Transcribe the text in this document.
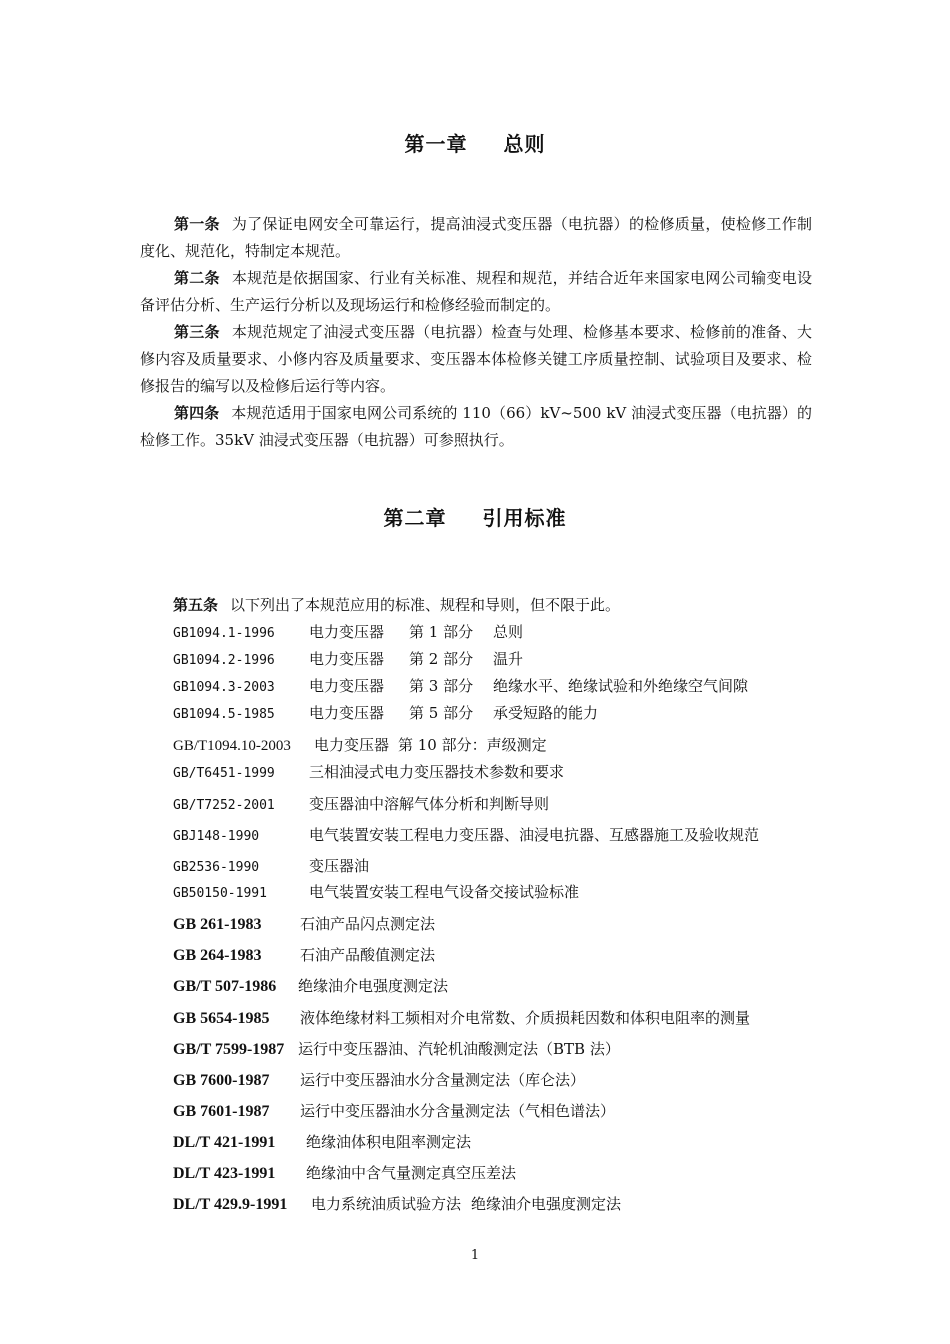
第一章 总则
第一条 为了保证电网安全可靠运行，提高油浸式变压器（电抗器）的检修质量，使检修工作制度化、规范化，特制定本规范。
第二条 本规范是依据国家、行业有关标准、规程和规范，并结合近年来国家电网公司输变电设备评估分析、生产运行分析以及现场运行和检修经验而制定的。
第三条 本规范规定了油浸式变压器（电抗器）检查与处理、检修基本要求、检修前的准备、大修内容及质量要求、小修内容及质量要求、变压器本体检修关键工序质量控制、试验项目及要求、检修报告的编写以及检修后运行等内容。
第四条 本规范适用于国家电网公司系统的 110（66）kV~500 kV 油浸式变压器（电抗器）的检修工作。35kV 油浸式变压器（电抗器）可参照执行。
第二章 引用标准
第五条 以下列出了本规范应用的标准、规程和导则，但不限于此。
GB1094.1-1996 电力变压器 第 1 部分 总则
GB1094.2-1996 电力变压器 第 2 部分 温升
GB1094.3-2003 电力变压器 第 3 部分 绝缘水平、绝缘试验和外绝缘空气间隙
GB1094.5-1985 电力变压器 第 5 部分 承受短路的能力
GB/T1094.10-2003 电力变压器 第 10 部分：声级测定
GB/T6451-1999 三相油浸式电力变压器技术参数和要求
GB/T7252-2001 变压器油中溶解气体分析和判断导则
GBJ148-1990	电气装置安装工程电力变压器、油浸电抗器、互感器施工及验收规范
GB2536-1990	变压器油
GB50150-1991	电气装置安装工程电气设备交接试验标准
GB 261-1983	石油产品闪点测定法
GB 264-1983	石油产品酸值测定法
GB/T 507-1986 绝缘油介电强度测定法
GB 5654-1985 液体绝缘材料工频相对介电常数、介质损耗因数和体积电阻率的测量
GB/T 7599-1987 运行中变压器油、汽轮机油酸测定法（BTB 法）
GB 7600-1987 运行中变压器油水分含量测定法（库仑法）
GB 7601-1987 运行中变压器油水分含量测定法（气相色谱法）
DL/T 421-1991 绝缘油体积电阻率测定法
DL/T 423-1991 绝缘油中含气量测定真空压差法
DL/T 429.9-1991 电力系统油质试验方法 绝缘油介电强度测定法
1
